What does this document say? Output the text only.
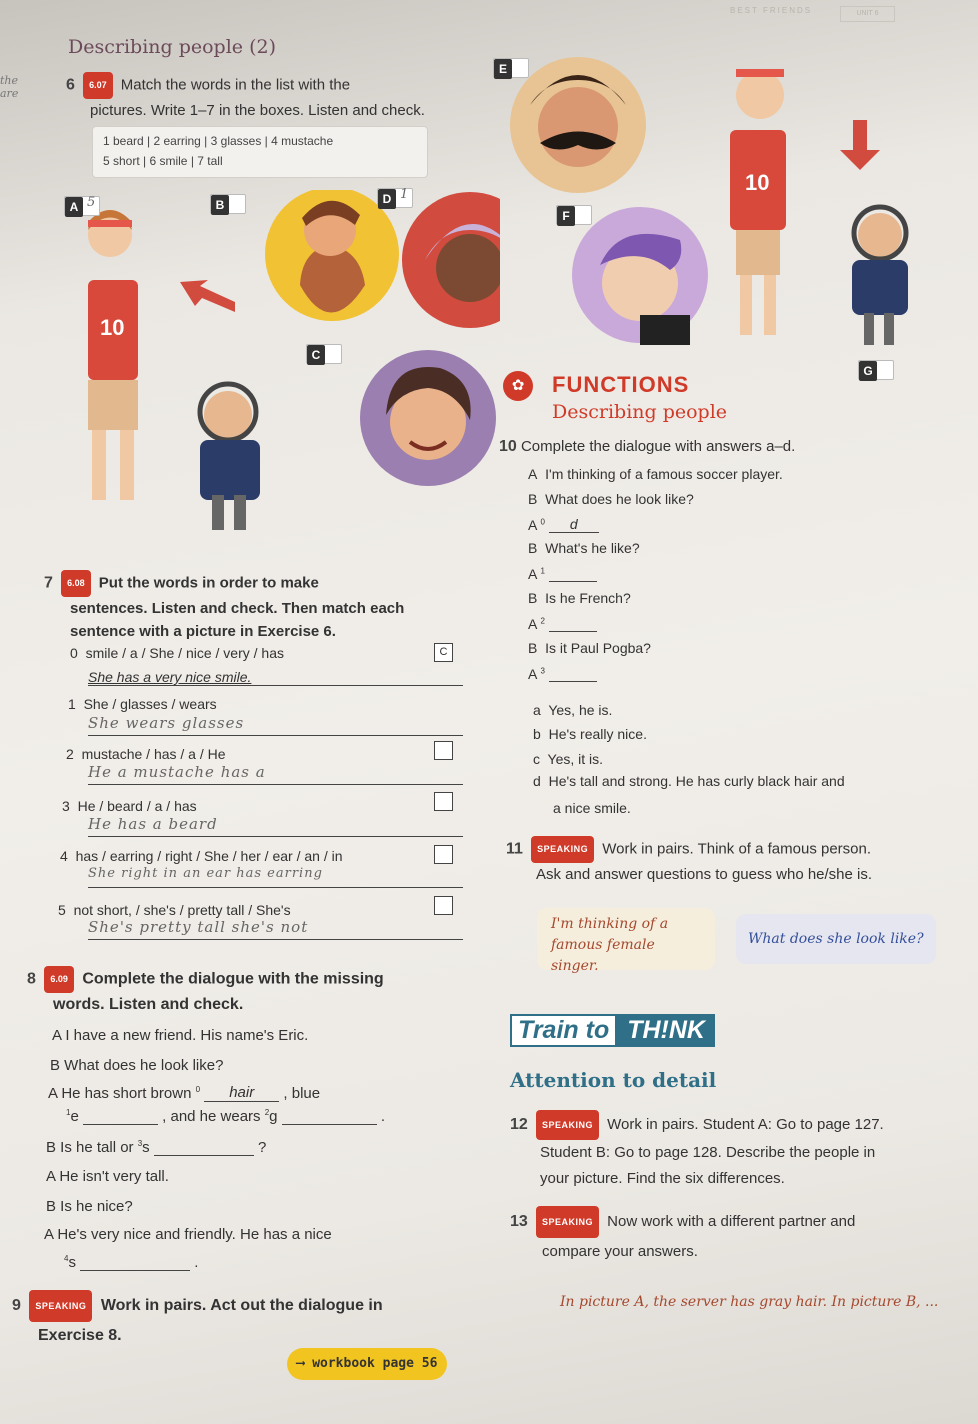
BEST FRIENDS	UNIT 6
the
are
Describing people (2)
6 6.07 Match the words in the list with the
pictures. Write 1–7 in the boxes. Listen and check.
1 beard | 2 earring | 3 glasses | 4 mustache
5 short | 6 smile | 7 tall
10
A 5	B
C
D 1	10
E
F
G
✿	FUNCTIONS
Describing people
10 Complete the dialogue with answers a–d.
A I'm thinking of a famous soccer player.
B What does he look like?
A $^0$ d
B What's he like?
A $^1$
B Is he French?
A $^2$
B Is it Paul Pogba?
A $^3$
a Yes, he is.
b He's really nice.
c Yes, it is.
d He's tall and strong. He has curly black hair and
a nice smile.
7 6.08 Put the words in order to make
sentences. Listen and check. Then match each
sentence with a picture in Exercise 6.
0 smile / a / She / nice / very / has	C
She has a very nice smile.
1 She / glasses / wears
She wears glasses
2 mustache / has / a / He
He a mustache has a
3 He / beard / a / has
He has a beard
4 has / earring / right / She / her / ear / an / in
She right in an ear has earring
5 not short, / she's / pretty tall / She's
She's pretty tall she's not
11 SPEAKING Work in pairs. Think of a famous person.
Ask and answer questions to guess who he/she is.
I'm thinking of a famous female singer.
What does she look like?
8 6.09 Complete the dialogue with the missing
words. Listen and check.
A I have a new friend. His name's Eric.
B What does he look like?
A He has short brown $^0$ hair , blue
$^1$e	, and he wears $^2$g	.
B Is he tall or $^3$s	?
A He isn't very tall.
B Is he nice?
A He's very nice and friendly. He has a nice
$^4$s	.
Train to TH!NK
Attention to detail
12 SPEAKING Work in pairs. Student A: Go to page 127.
Student B: Go to page 128. Describe the people in
your picture. Find the six differences.
13 SPEAKING Now work with a different partner and
compare your answers.
In picture A, the server has gray hair. In picture B, ...
9 SPEAKING Work in pairs. Act out the dialogue in
Exercise 8.
⟶ workbook page 56
